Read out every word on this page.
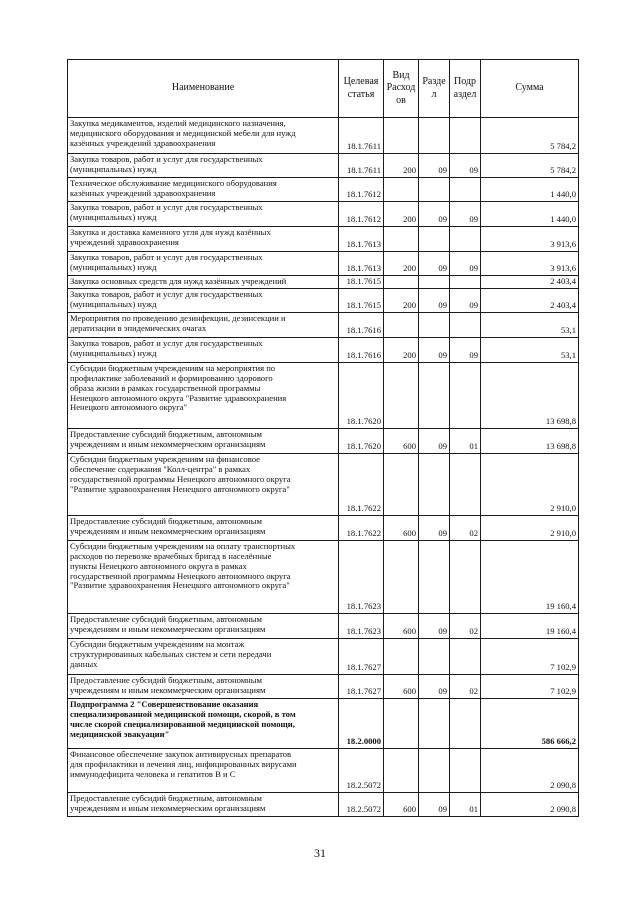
Наименование	Целевая статья	Вид Расход ов	Разде л	Подр аздел	Сумма
Закупка медикаментов, изделий медицинского назначения,
медицинского оборудования и медицинской мебели для нужд
казённых учреждений здравоохранения	18.1.7611				5 784,2
Закупка товаров, работ и услуг для государственных
(муниципальных) нужд	18.1.7611	200	09	09	5 784,2
Техническое обслуживание медицинского оборудования
казённых учреждений здравоохранения	18.1.7612				1 440,0
Закупка товаров, работ и услуг для государственных
(муниципальных) нужд	18.1.7612	200	09	09	1 440,0
Закупка и доставка каменного угля для нужд казённых
учреждений здравоохранения	18.1.7613				3 913,6
Закупка товаров, работ и услуг для государственных
(муниципальных) нужд	18.1.7613	200	09	09	3 913,6
Закупка основных средств для нужд казённых учреждений	18.1.7615				2 403,4
Закупка товаров, работ и услуг для государственных
(муниципальных) нужд	18.1.7615	200	09	09	2 403,4
Мероприятия по проведению дезинфекции, дезинсекции и
дератизации в эпидемических очагах	18.1.7616				53,1
Закупка товаров, работ и услуг для государственных
(муниципальных) нужд	18.1.7616	200	09	09	53,1
Субсидии бюджетным учреждениям на мероприятия по
профилактике заболеваний и формированию здорового
образа жизни в рамках государственной программы
Ненецкого автономного округа "Развитие здравоохранения
Ненецкого автономного округа"	18.1.7620				13 698,8
Предоставление субсидий бюджетным, автономным
учреждениям и иным некоммерческим организациям	18.1.7620	600	09	01	13 698,8
Субсидии бюджетным учреждениям на финансовое
обеспечение содержания "Колл-центра" в рамках
государственной программы Ненецкого автономного округа
"Развитие здравоохранения Ненецкого автономного округа"	18.1.7622				2 910,0
Предоставление субсидий бюджетным, автономным
учреждениям и иным некоммерческим организациям	18.1.7622	600	09	02	2 910,0
Субсидии бюджетным учреждениям на оплату транспортных
расходов по перевозке врачебных бригад в населённые
пункты Ненецкого автономного округа в рамках
государственной программы Ненецкого автономного округа
"Развитие здравоохранения Ненецкого автономного округа"	18.1.7623				19 160,4
Предоставление субсидий бюджетным, автономным
учреждениям и иным некоммерческим организациям	18.1.7623	600	09	02	19 160,4
Субсидии бюджетным учреждениям на монтаж
структурированных кабельных систем и сети передачи
данных	18.1.7627				7 102,9
Предоставление субсидий бюджетным, автономным
учреждениям и иным некоммерческим организациям	18.1.7627	600	09	02	7 102,9
Подпрограмма 2 "Совершенствование оказания
специализированной медицинской помощи, скорой, в том
числе скорой специализированной медицинской помощи,
медицинской эвакуации"	18.2.0000				586 666,2
Финансовое обеспечение закупок антивирусных препаратов
для профилактики и лечения лиц, инфицированных вирусами
иммунодефицита человека и гепатитов В и С	18.2.5072				2 090,8
Предоставление субсидий бюджетным, автономным
учреждениям и иным некоммерческим организациям	18.2.5072	600	09	01	2 090,8
31
